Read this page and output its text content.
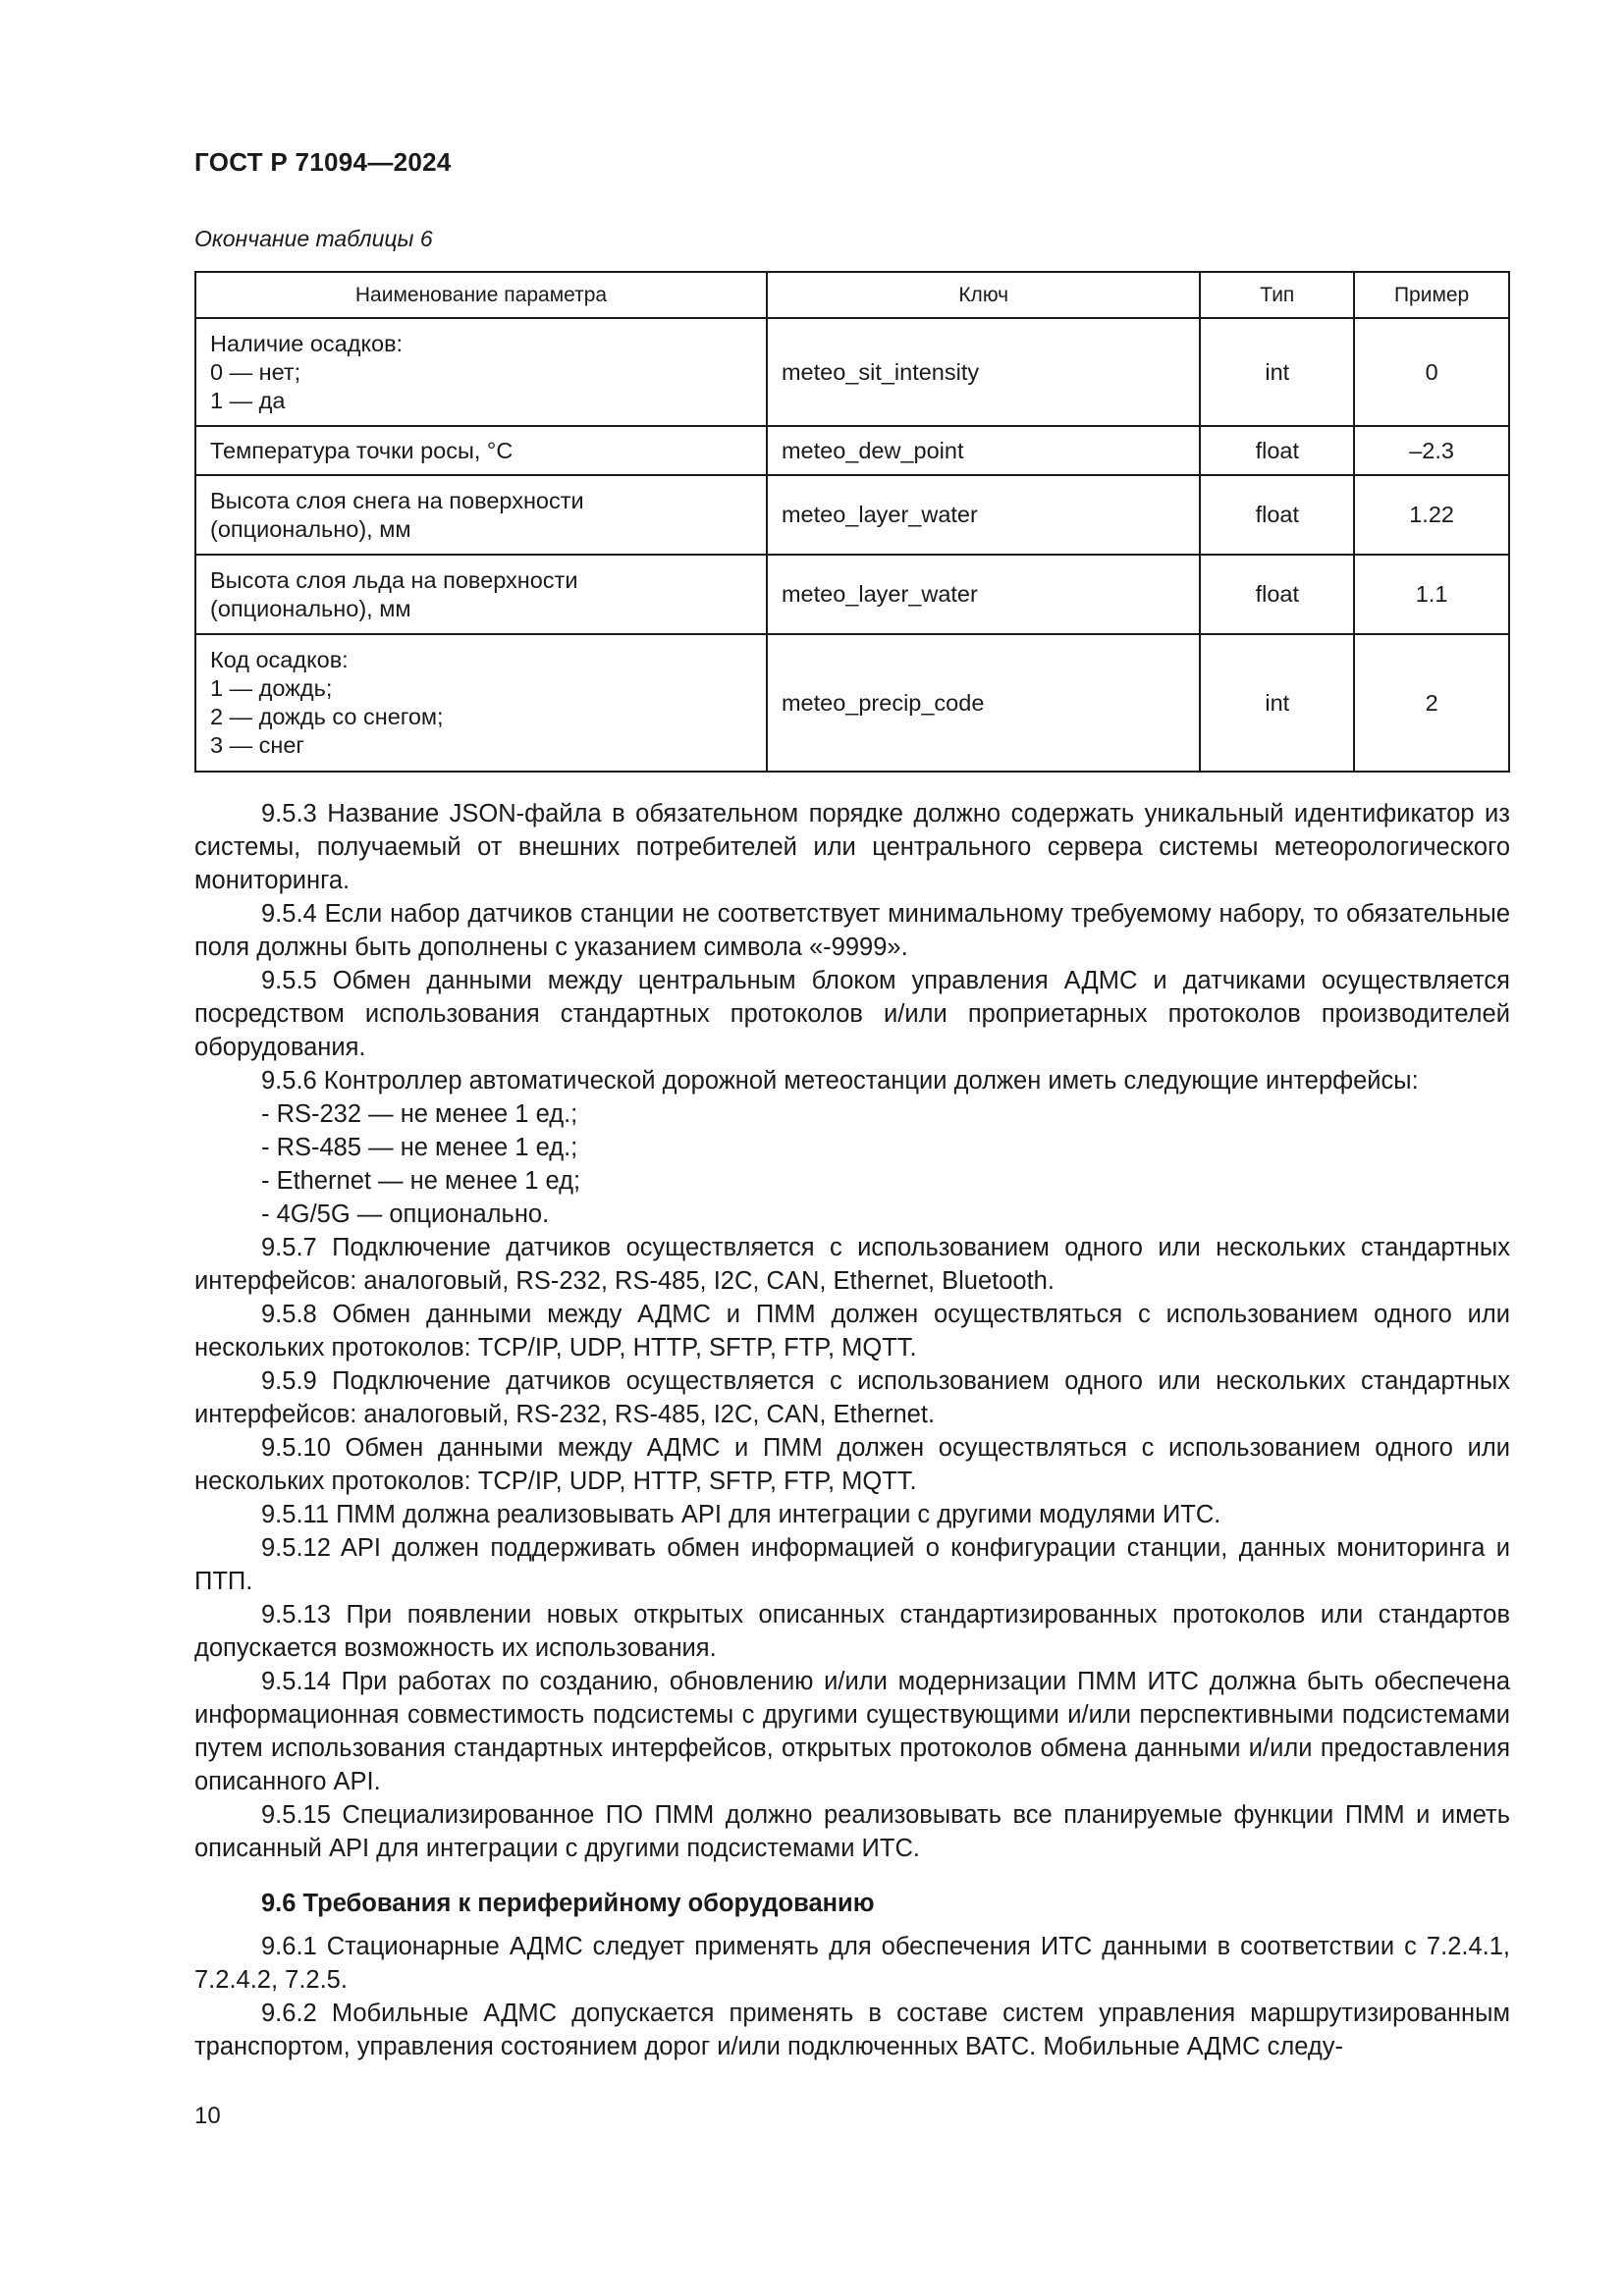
ГОСТ Р 71094—2024
Окончание таблицы 6
Наименование параметра	Ключ	Тип	Пример
Наличие осадков:
0 — нет;
1 — да	meteo_sit_intensity	int	0
Температура точки росы, °С	meteo_dew_point	float	–2.3
Высота слоя снега на поверхности
(опционально), мм	meteo_layer_water	float	1.22
Высота слоя льда на поверхности
(опционально), мм	meteo_layer_water	float	1.1
Код осадков:
1 — дождь;
2 — дождь со снегом;
3 — снег	meteo_precip_code	int	2

9.5.3 Название JSON-файла в обязательном порядке должно содержать уникальный идентификатор из системы, получаемый от внешних потребителей или центрального сервера системы метеорологического мониторинга.

9.5.4 Если набор датчиков станции не соответствует минимальному требуемому набору, то обязательные поля должны быть дополнены с указанием символа «-9999».

9.5.5 Обмен данными между центральным блоком управления АДМС и датчиками осуществляется посредством использования стандартных протоколов и/или проприетарных протоколов производителей оборудования.

9.5.6 Контроллер автоматической дорожной метеостанции должен иметь следующие интерфейсы:

- RS-232 — не менее 1 ед.;

- RS-485 — не менее 1 ед.;

- Ethernet — не менее 1 ед;

- 4G/5G — опционально.

9.5.7 Подключение датчиков осуществляется с использованием одного или нескольких стандартных интерфейсов: аналоговый, RS-232, RS-485, I2C, CAN, Ethernet, Bluetooth.

9.5.8 Обмен данными между АДМС и ПММ должен осуществляться с использованием одного или нескольких протоколов: TCP/IP, UDP, HTTP, SFTP, FTP, MQTT.

9.5.9 Подключение датчиков осуществляется с использованием одного или нескольких стандартных интерфейсов: аналоговый, RS-232, RS-485, I2C, CAN, Ethernet.

9.5.10 Обмен данными между АДМС и ПММ должен осуществляться с использованием одного или нескольких протоколов: TCP/IP, UDP, HTTP, SFTP, FTP, MQTT.

9.5.11 ПММ должна реализовывать API для интеграции с другими модулями ИТС.

9.5.12 API должен поддерживать обмен информацией о конфигурации станции, данных мониторинга и ПТП.

9.5.13 При появлении новых открытых описанных стандартизированных протоколов или стандартов допускается возможность их использования.

9.5.14 При работах по созданию, обновлению и/или модернизации ПММ ИТС должна быть обеспечена информационная совместимость подсистемы с другими существующими и/или перспективными подсистемами путем использования стандартных интерфейсов, открытых протоколов обмена данными и/или предоставления описанного API.

9.5.15 Специализированное ПО ПММ должно реализовывать все планируемые функции ПММ и иметь описанный API для интеграции с другими подсистемами ИТС.

9.6 Требования к периферийному оборудованию

9.6.1 Стационарные АДМС следует применять для обеспечения ИТС данными в соответствии с 7.2.4.1, 7.2.4.2, 7.2.5.

9.6.2 Мобильные АДМС допускается применять в составе систем управления маршрутизированным транспортом, управления состоянием дорог и/или подключенных ВАТС. Мобильные АДМС следу-

10
